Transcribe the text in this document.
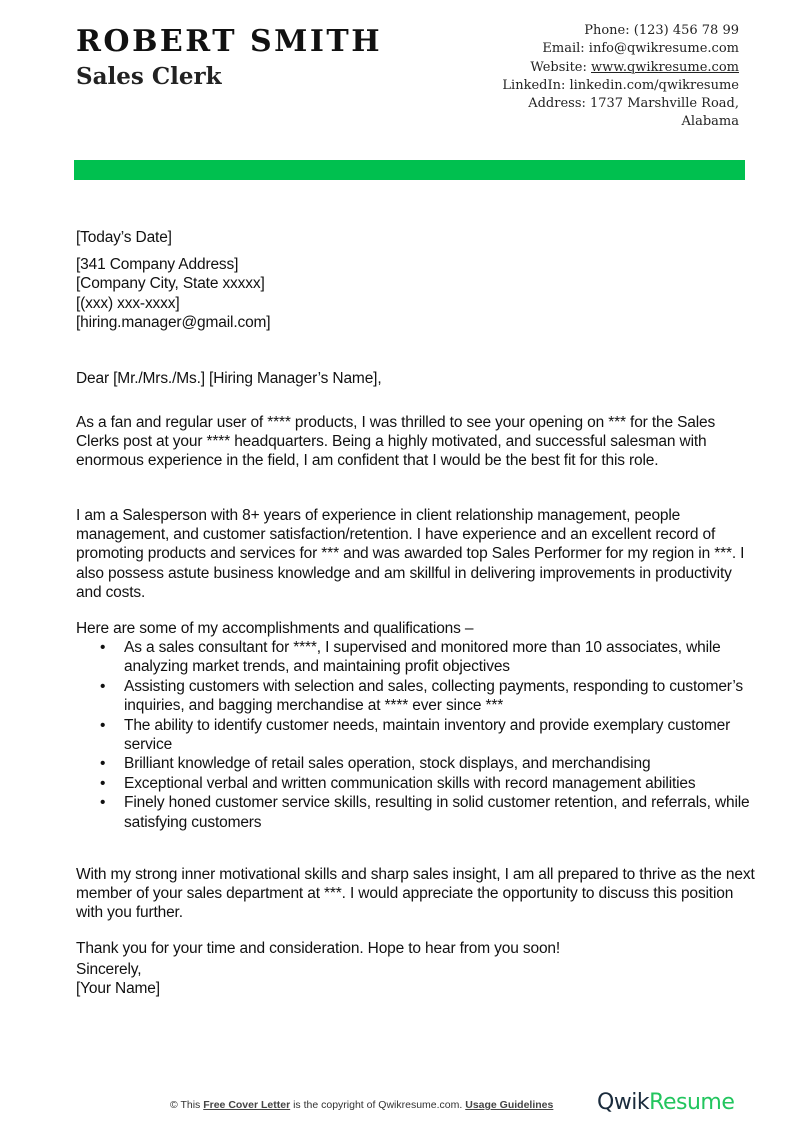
ROBERT SMITH
Sales Clerk
Phone: (123) 456 78 99
Email: info@qwikresume.com
Website: www.qwikresume.com
LinkedIn: linkedin.com/qwikresume
Address: 1737 Marshville Road,
Alabama
[Today’s Date]
[341 Company Address]
[Company City, State xxxxx]
[(xxx) xxx-xxxx]
[hiring.manager@gmail.com]
Dear [Mr./Mrs./Ms.] [Hiring Manager’s Name],

As a fan and regular user of **** products, I was thrilled to see your opening on *** for the Sales Clerks post at your **** headquarters. Being a highly motivated, and successful salesman with enormous experience in the field, I am confident that I would be the best fit for this role.

I am a Salesperson with 8+ years of experience in client relationship management, people management, and customer satisfaction/retention. I have experience and an excellent record of promoting products and services for *** and was awarded top Sales Performer for my region in ***. I also possess astute business knowledge and am skillful in delivering improvements in productivity and costs.

Here are some of my accomplishments and qualifications –

• As a sales consultant for ****, I supervised and monitored more than 10 associates, while analyzing market trends, and maintaining profit objectives
• Assisting customers with selection and sales, collecting payments, responding to customer’s inquiries, and bagging merchandise at **** ever since ***
• The ability to identify customer needs, maintain inventory and provide exemplary customer service
• Brilliant knowledge of retail sales operation, stock displays, and merchandising
• Exceptional verbal and written communication skills with record management abilities
• Finely honed customer service skills, resulting in solid customer retention, and referrals, while satisfying customers

With my strong inner motivational skills and sharp sales insight, I am all prepared to thrive as the next member of your sales department at ***. I would appreciate the opportunity to discuss this position with you further.

Thank you for your time and consideration. Hope to hear from you soon!

Sincerely,
[Your Name]
© This Free Cover Letter is the copyright of Qwikresume.com. Usage Guidelines QwikResume
